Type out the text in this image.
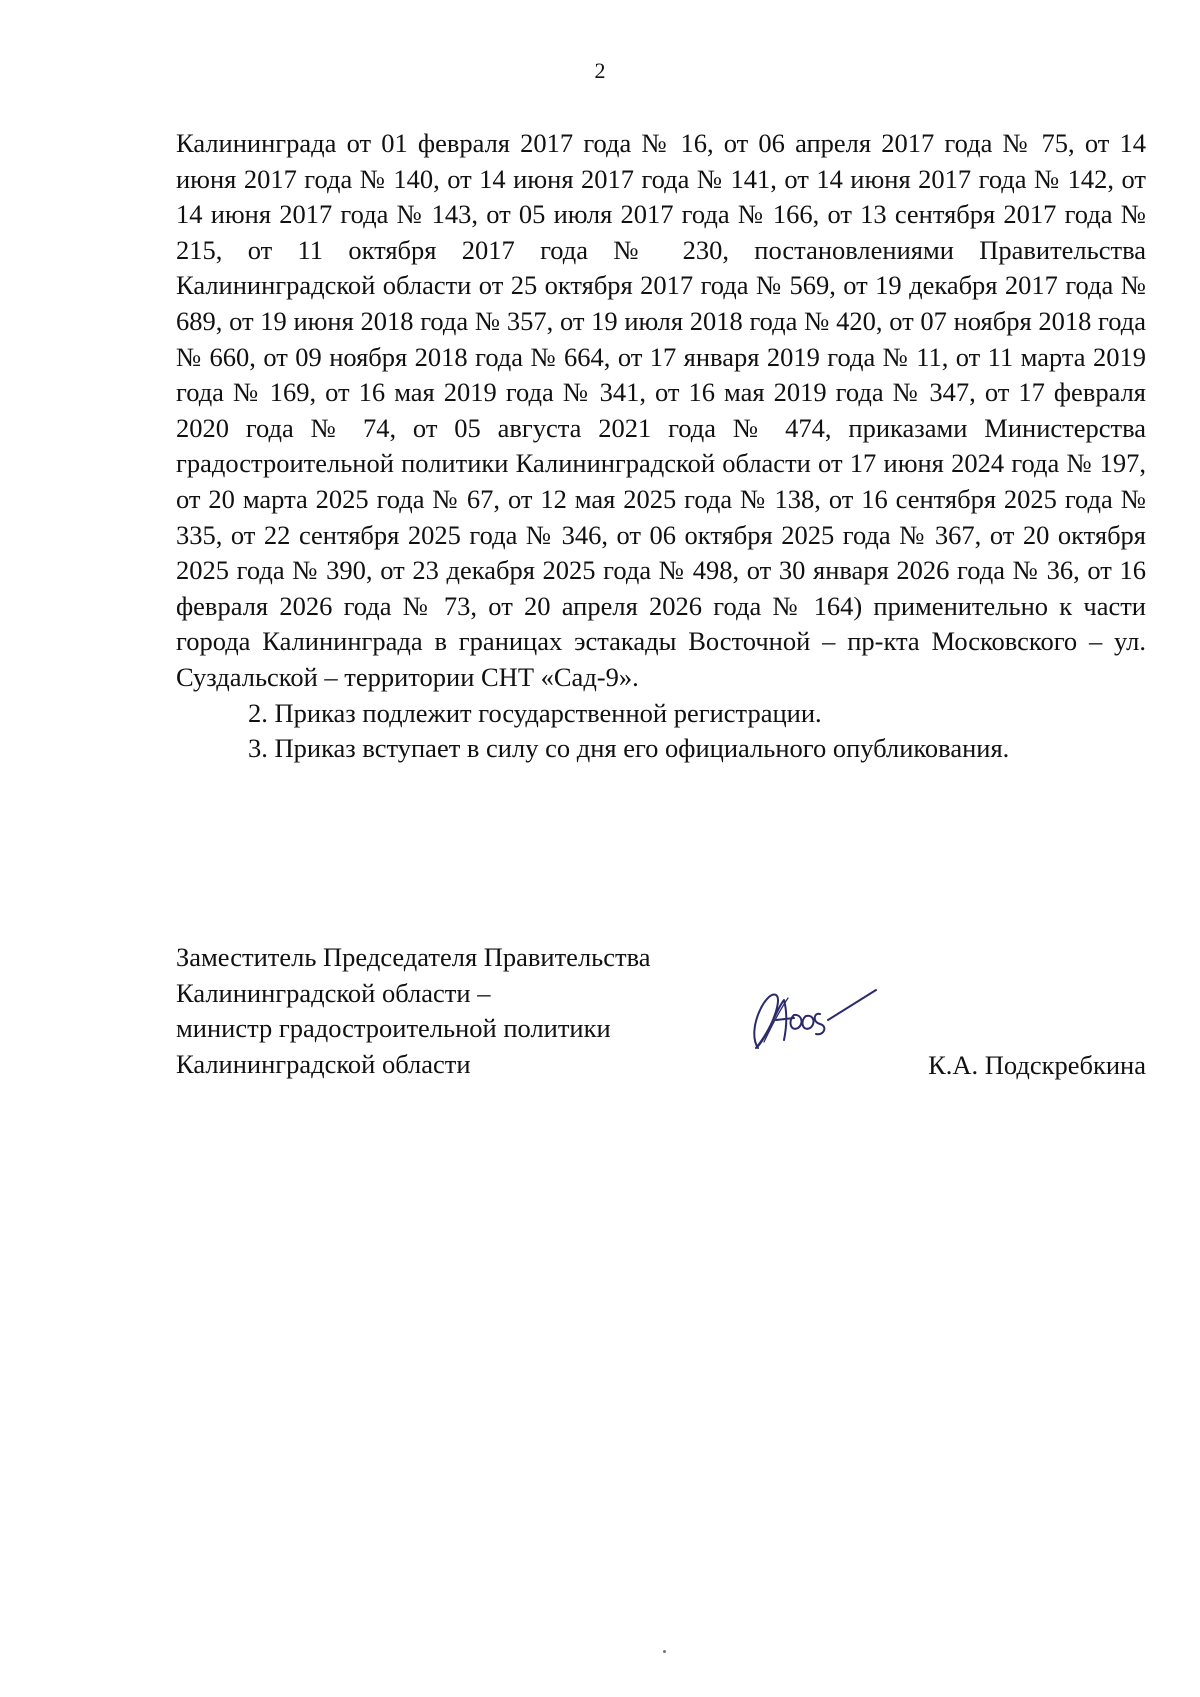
2

Калининграда от 01 февраля 2017 года № 16, от 06 апреля 2017 года № 75, от 14 июня 2017 года № 140, от 14 июня 2017 года № 141, от 14 июня 2017 года № 142, от 14 июня 2017 года № 143, от 05 июля 2017 года № 166, от 13 сентября 2017 года № 215, от 11 октября 2017 года № 230, постановлениями Правительства Калининградской области от 25 октября 2017 года № 569, от 19 декабря 2017 года № 689, от 19 июня 2018 года № 357, от 19 июля 2018 года № 420, от 07 ноября 2018 года № 660, от 09 ноября 2018 года № 664, от 17 января 2019 года № 11, от 11 марта 2019 года № 169, от 16 мая 2019 года № 341, от 16 мая 2019 года № 347, от 17 февраля 2020 года № 74, от 05 августа 2021 года № 474, приказами Министерства градостроительной политики Калининградской области от 17 июня 2024 года № 197, от 20 марта 2025 года № 67, от 12 мая 2025 года № 138, от 16 сентября 2025 года № 335, от 22 сентября 2025 года № 346, от 06 октября 2025 года № 367, от 20 октября 2025 года № 390, от 23 декабря 2025 года № 498, от 30 января 2026 года № 36, от 16 февраля 2026 года № 73, от 20 апреля 2026 года № 164) применительно к части города Калининграда в границах эстакады Восточной – пр-кта Московского – ул. Суздальской – территории СНТ «Сад-9».

2. Приказ подлежит государственной регистрации.

3. Приказ вступает в силу со дня его официального опубликования.

Заместитель Председателя Правительства
Калининградской области –
министр градостроительной политики
Калининградской области	К.А. Подскребкина
